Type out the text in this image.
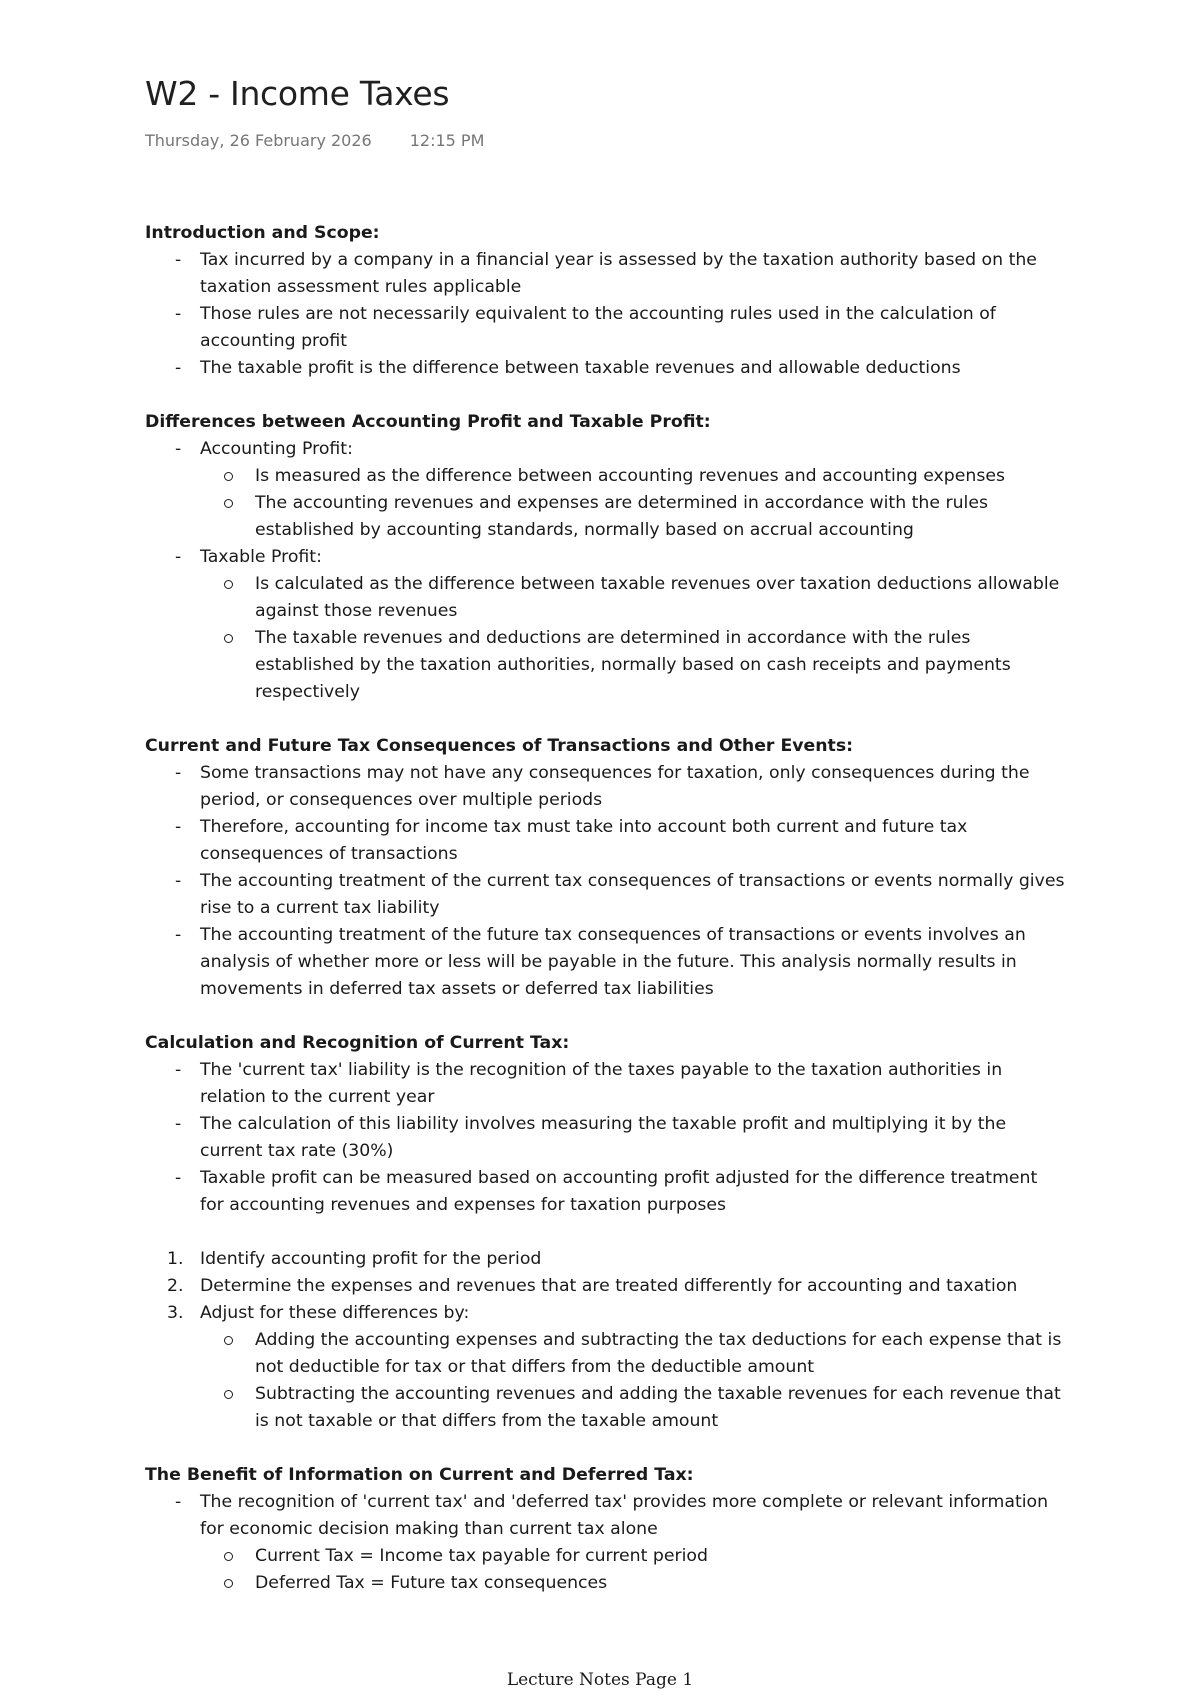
W2 - Income Taxes
Thursday, 26 February 2026 12:15 PM

Introduction and Scope:

- Tax incurred by a company in a financial year is assessed by the taxation authority based on the taxation assessment rules applicable
- Those rules are not necessarily equivalent to the accounting rules used in the calculation of accounting profit
- The taxable profit is the difference between taxable revenues and allowable deductions

Differences between Accounting Profit and Taxable Profit:

- Accounting Profit:
Is measured as the difference between accounting revenues and accounting expenses
The accounting revenues and expenses are determined in accordance with the rules established by accounting standards, normally based on accrual accounting
- Taxable Profit:
Is calculated as the difference between taxable revenues over taxation deductions allowable against those revenues
The taxable revenues and deductions are determined in accordance with the rules established by the taxation authorities, normally based on cash receipts and payments respectively

Current and Future Tax Consequences of Transactions and Other Events:

- Some transactions may not have any consequences for taxation, only consequences during the period, or consequences over multiple periods
- Therefore, accounting for income tax must take into account both current and future tax consequences of transactions
- The accounting treatment of the current tax consequences of transactions or events normally gives rise to a current tax liability
- The accounting treatment of the future tax consequences of transactions or events involves an analysis of whether more or less will be payable in the future. This analysis normally results in movements in deferred tax assets or deferred tax liabilities

Calculation and Recognition of Current Tax:

- The 'current tax' liability is the recognition of the taxes payable to the taxation authorities in relation to the current year
- The calculation of this liability involves measuring the taxable profit and multiplying it by the current tax rate (30%)
- Taxable profit can be measured based on accounting profit adjusted for the difference treatment for accounting revenues and expenses for taxation purposes
1. Identify accounting profit for the period
2. Determine the expenses and revenues that are treated differently for accounting and taxation
3. Adjust for these differences by:
Adding the accounting expenses and subtracting the tax deductions for each expense that is not deductible for tax or that differs from the deductible amount
Subtracting the accounting revenues and adding the taxable revenues for each revenue that is not taxable or that differs from the taxable amount

The Benefit of Information on Current and Deferred Tax:

- The recognition of 'current tax' and 'deferred tax' provides more complete or relevant information for economic decision making than current tax alone
Current Tax = Income tax payable for current period
Deferred Tax = Future tax consequences
Lecture Notes Page 1
